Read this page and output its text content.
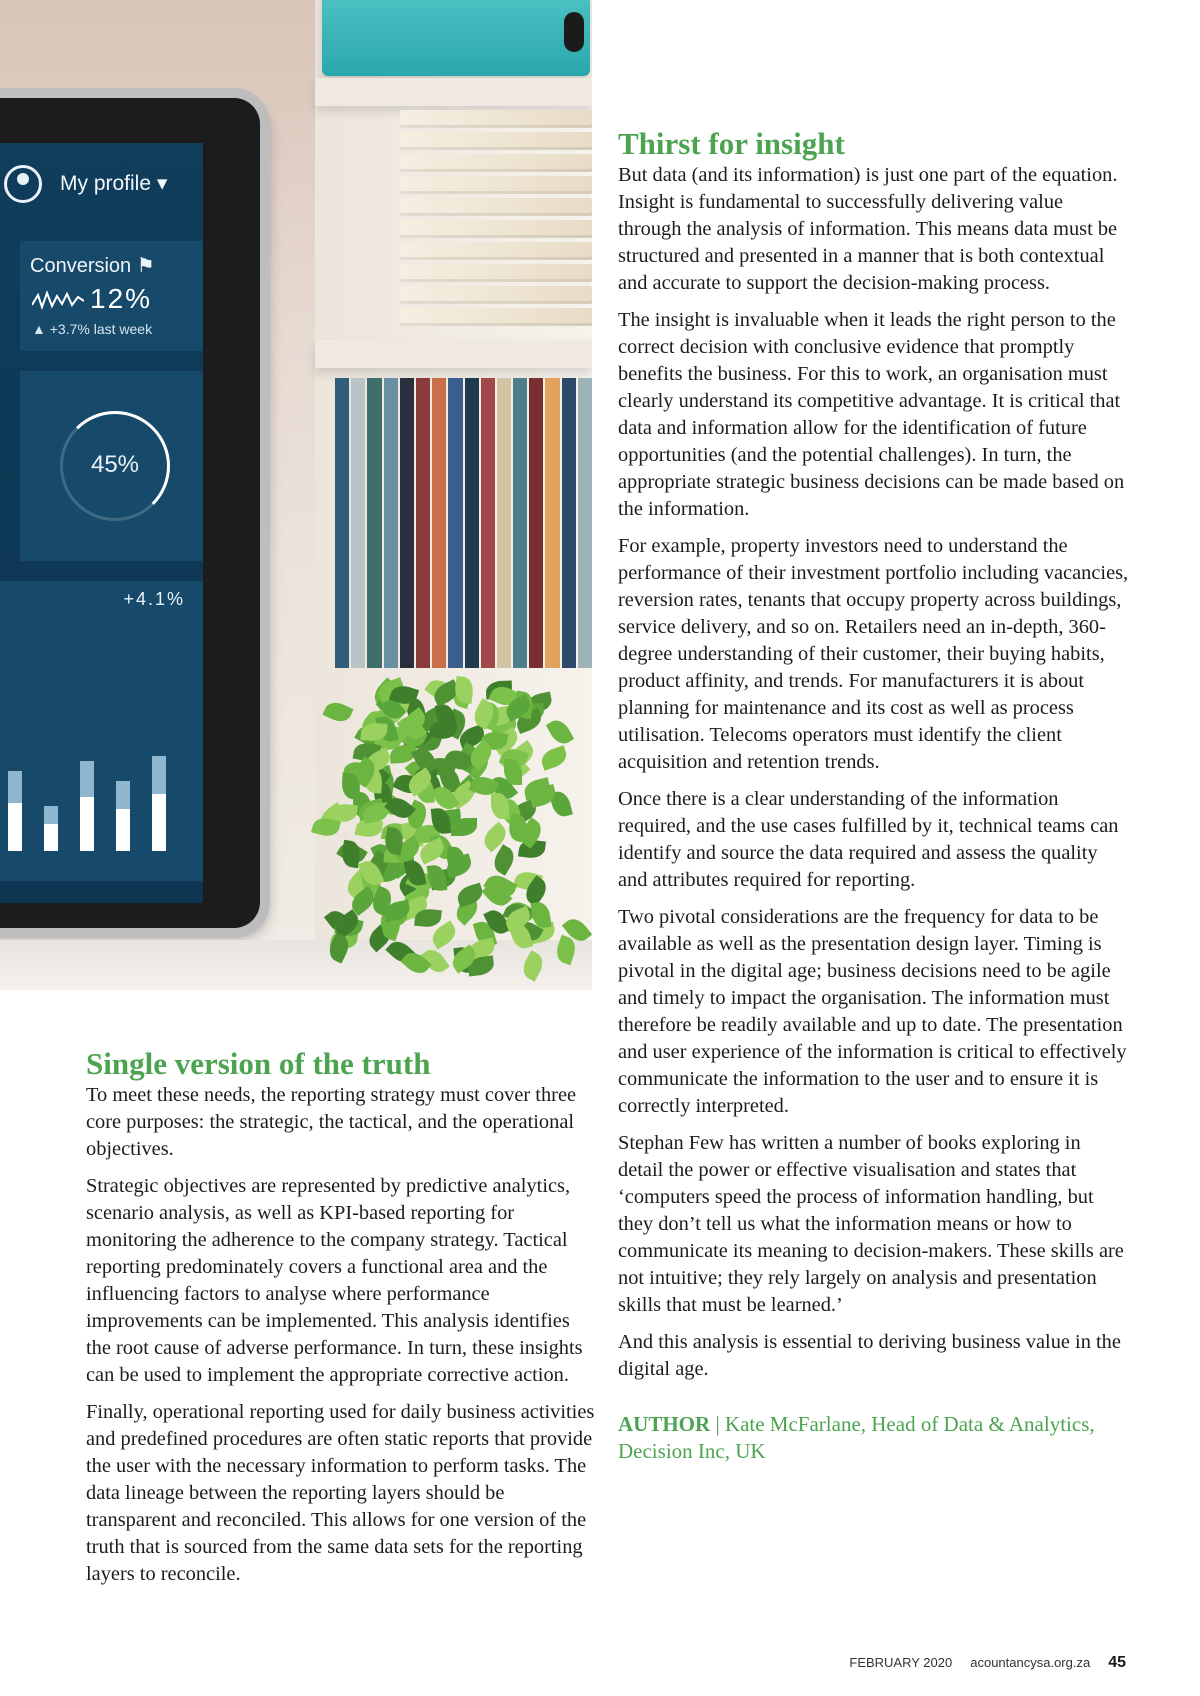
My profile ▾
Conversion ⚑
12%
▲ +3.7% last week
45%
+4.1%
Thirst for insight

But data (and its information) is just one part of the equation. Insight is fundamental to successfully delivering value through the analysis of information. This means data must be structured and presented in a manner that is both contextual and accurate to support the decision-making process.

The insight is invaluable when it leads the right person to the correct decision with conclusive evidence that promptly benefits the business. For this to work, an organisation must clearly understand its competitive advantage. It is critical that data and information allow for the identification of future opportunities (and the potential challenges). In turn, the appropriate strategic business decisions can be made based on the information.

For example, property investors need to understand the performance of their investment portfolio including vacancies, reversion rates, tenants that occupy property across buildings, service delivery, and so on. Retailers need an in-depth, 360-degree understanding of their customer, their buying habits, product affinity, and trends. For manufacturers it is about planning for maintenance and its cost as well as process utilisation. Telecoms operators must identify the client acquisition and retention trends.

Once there is a clear understanding of the information required, and the use cases fulfilled by it, technical teams can identify and source the data required and assess the quality and attributes required for reporting.

Two pivotal considerations are the frequency for data to be available as well as the presentation design layer. Timing is pivotal in the digital age; business decisions need to be agile and timely to impact the organisation. The information must therefore be readily available and up to date. The presentation and user experience of the information is critical to effectively communicate the information to the user and to ensure it is correctly interpreted.

Stephan Few has written a number of books exploring in detail the power or effective visualisation and states that ‘computers speed the process of information handling, but they don’t tell us what the information means or how to communicate its meaning to decision-makers. These skills are not intuitive; they rely largely on analysis and presentation skills that must be learned.’

And this analysis is essential to deriving business value in the digital age.

AUTHOR | Kate McFarlane, Head of Data & Analytics, Decision Inc, UK

Single version of the truth

To meet these needs, the reporting strategy must cover three core purposes: the strategic, the tactical, and the operational objectives.

Strategic objectives are represented by predictive analytics, scenario analysis, as well as KPI-based reporting for monitoring the adherence to the company strategy. Tactical reporting predominately covers a functional area and the influencing factors to analyse where performance improvements can be implemented. This analysis identifies the root cause of adverse performance. In turn, these insights can be used to implement the appropriate corrective action.

Finally, operational reporting used for daily business activities and predefined procedures are often static reports that provide the user with the necessary information to perform tasks. The data lineage between the reporting layers should be transparent and reconciled. This allows for one version of the truth that is sourced from the same data sets for the reporting layers to reconcile.

FEBRUARY 2020 acountancysa.org.za 45
